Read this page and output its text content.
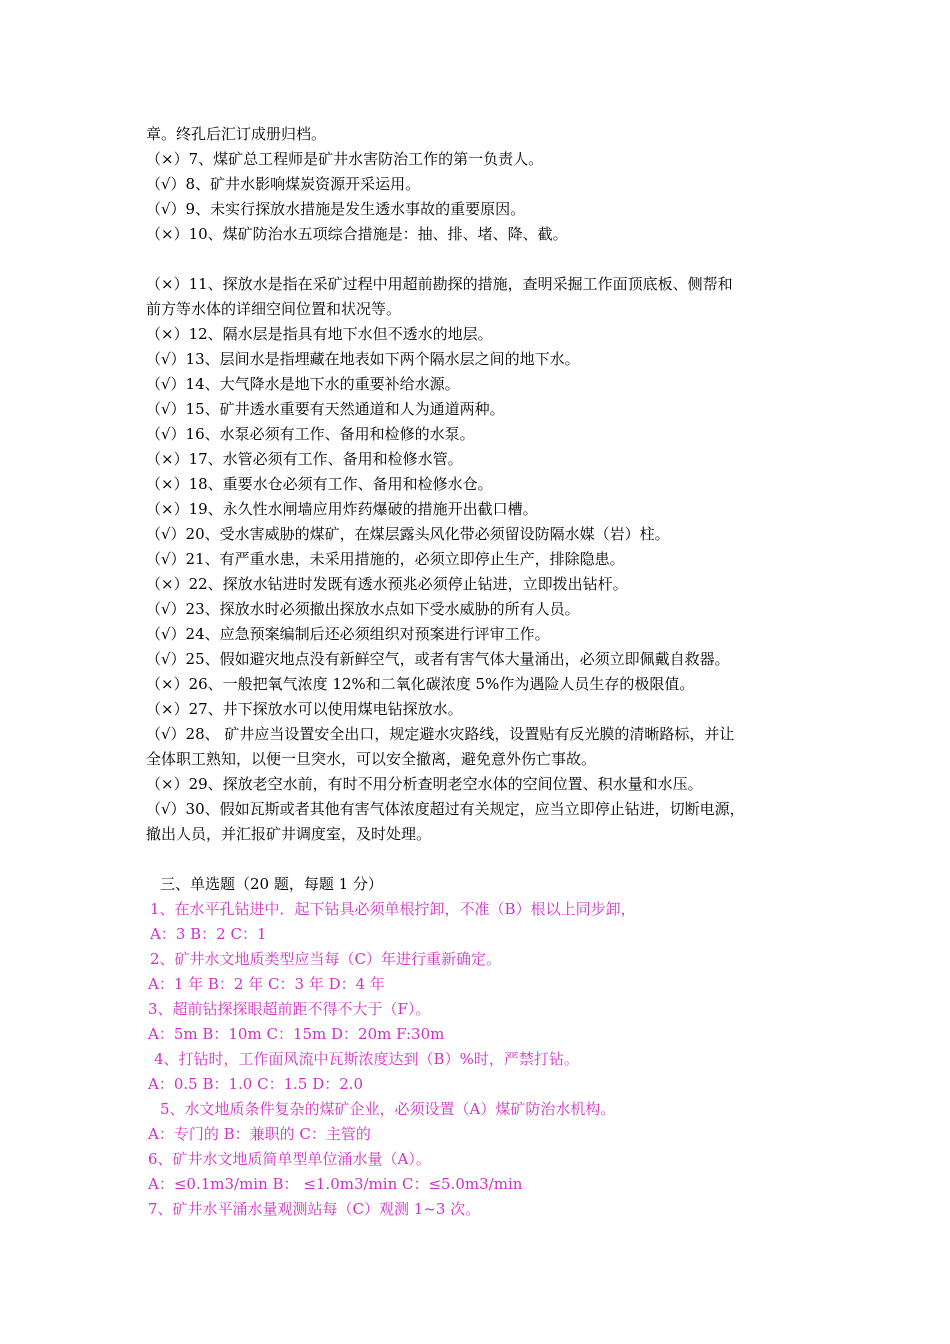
章。终孔后汇订成册归档。
（×）7、煤矿总工程师是矿井水害防治工作的第一负责人。
（√）8、矿井水影响煤炭资源开采运用。
（√）9、未实行探放水措施是发生透水事故的重要原因。
（×）10、煤矿防治水五项综合措施是：抽、排、堵、降、截。
（×）11、探放水是指在采矿过程中用超前勘探的措施，查明采掘工作面顶底板、侧帮和
前方等水体的详细空间位置和状况等。
（×）12、隔水层是指具有地下水但不透水的地层。
（√）13、层间水是指埋藏在地表如下两个隔水层之间的地下水。
（√）14、大气降水是地下水的重要补给水源。
（√）15、矿井透水重要有天然通道和人为通道两种。
（√）16、水泵必须有工作、备用和检修的水泵。
（×）17、水管必须有工作、备用和检修水管。
（×）18、重要水仓必须有工作、备用和检修水仓。
（×）19、永久性水闸墙应用炸药爆破的措施开出截口槽。
（√）20、受水害威胁的煤矿，在煤层露头风化带必须留设防隔水媒（岩）柱。
（√）21、有严重水患，未采用措施的，必须立即停止生产，排除隐患。
（×）22、探放水钻进时发既有透水预兆必须停止钻进，立即拨出钻杆。
（√）23、探放水时必须撤出探放水点如下受水威胁的所有人员。
（√）24、应急预案编制后还必须组织对预案进行评审工作。
（√）25、假如避灾地点没有新鲜空气，或者有害气体大量涌出，必须立即佩戴自救器。
（×）26、一般把氧气浓度 12%和二氧化碳浓度 5%作为遇险人员生存的极限值。
（×）27、井下探放水可以使用煤电钻探放水。
（√）28、 矿井应当设置安全出口，规定避水灾路线，设置贴有反光膜的清晰路标，并让
全体职工熟知，以便一旦突水，可以安全撤离，避免意外伤亡事故。
（×）29、探放老空水前，有时不用分析查明老空水体的空间位置、积水量和水压。
（√）30、假如瓦斯或者其他有害气体浓度超过有关规定，应当立即停止钻进，切断电源，
撤出人员，并汇报矿井调度室，及时处理。
三、单选题（20 题，每题 1 分）
1、在水平孔钻进中．起下钻具必须单根拧卸，不准（B）根以上同步卸，
A：3 B：2 C：1
2、矿井水文地质类型应当每（C）年进行重新确定。
A：1 年 B：2 年 C：3 年 D：4 年
3、超前钻探探眼超前距不得不大于（F）。
A：5m B：10m C：15m D：20m F:30m
4、打钻时，工作面风流中瓦斯浓度达到（B）%时，严禁打钻。
A：0.5 B：1.0 C：1.5 D：2.0
5、水文地质条件复杂的煤矿企业，必须设置（A）煤矿防治水机构。
A：专门的 B：兼职的 C：主管的
6、矿井水文地质简单型单位涌水量（A）。
A：≤0.1m3/min B： ≤1.0m3/min C：≤5.0m3/min
7、矿井水平涌水量观测站每（C）观测 1~3 次。
